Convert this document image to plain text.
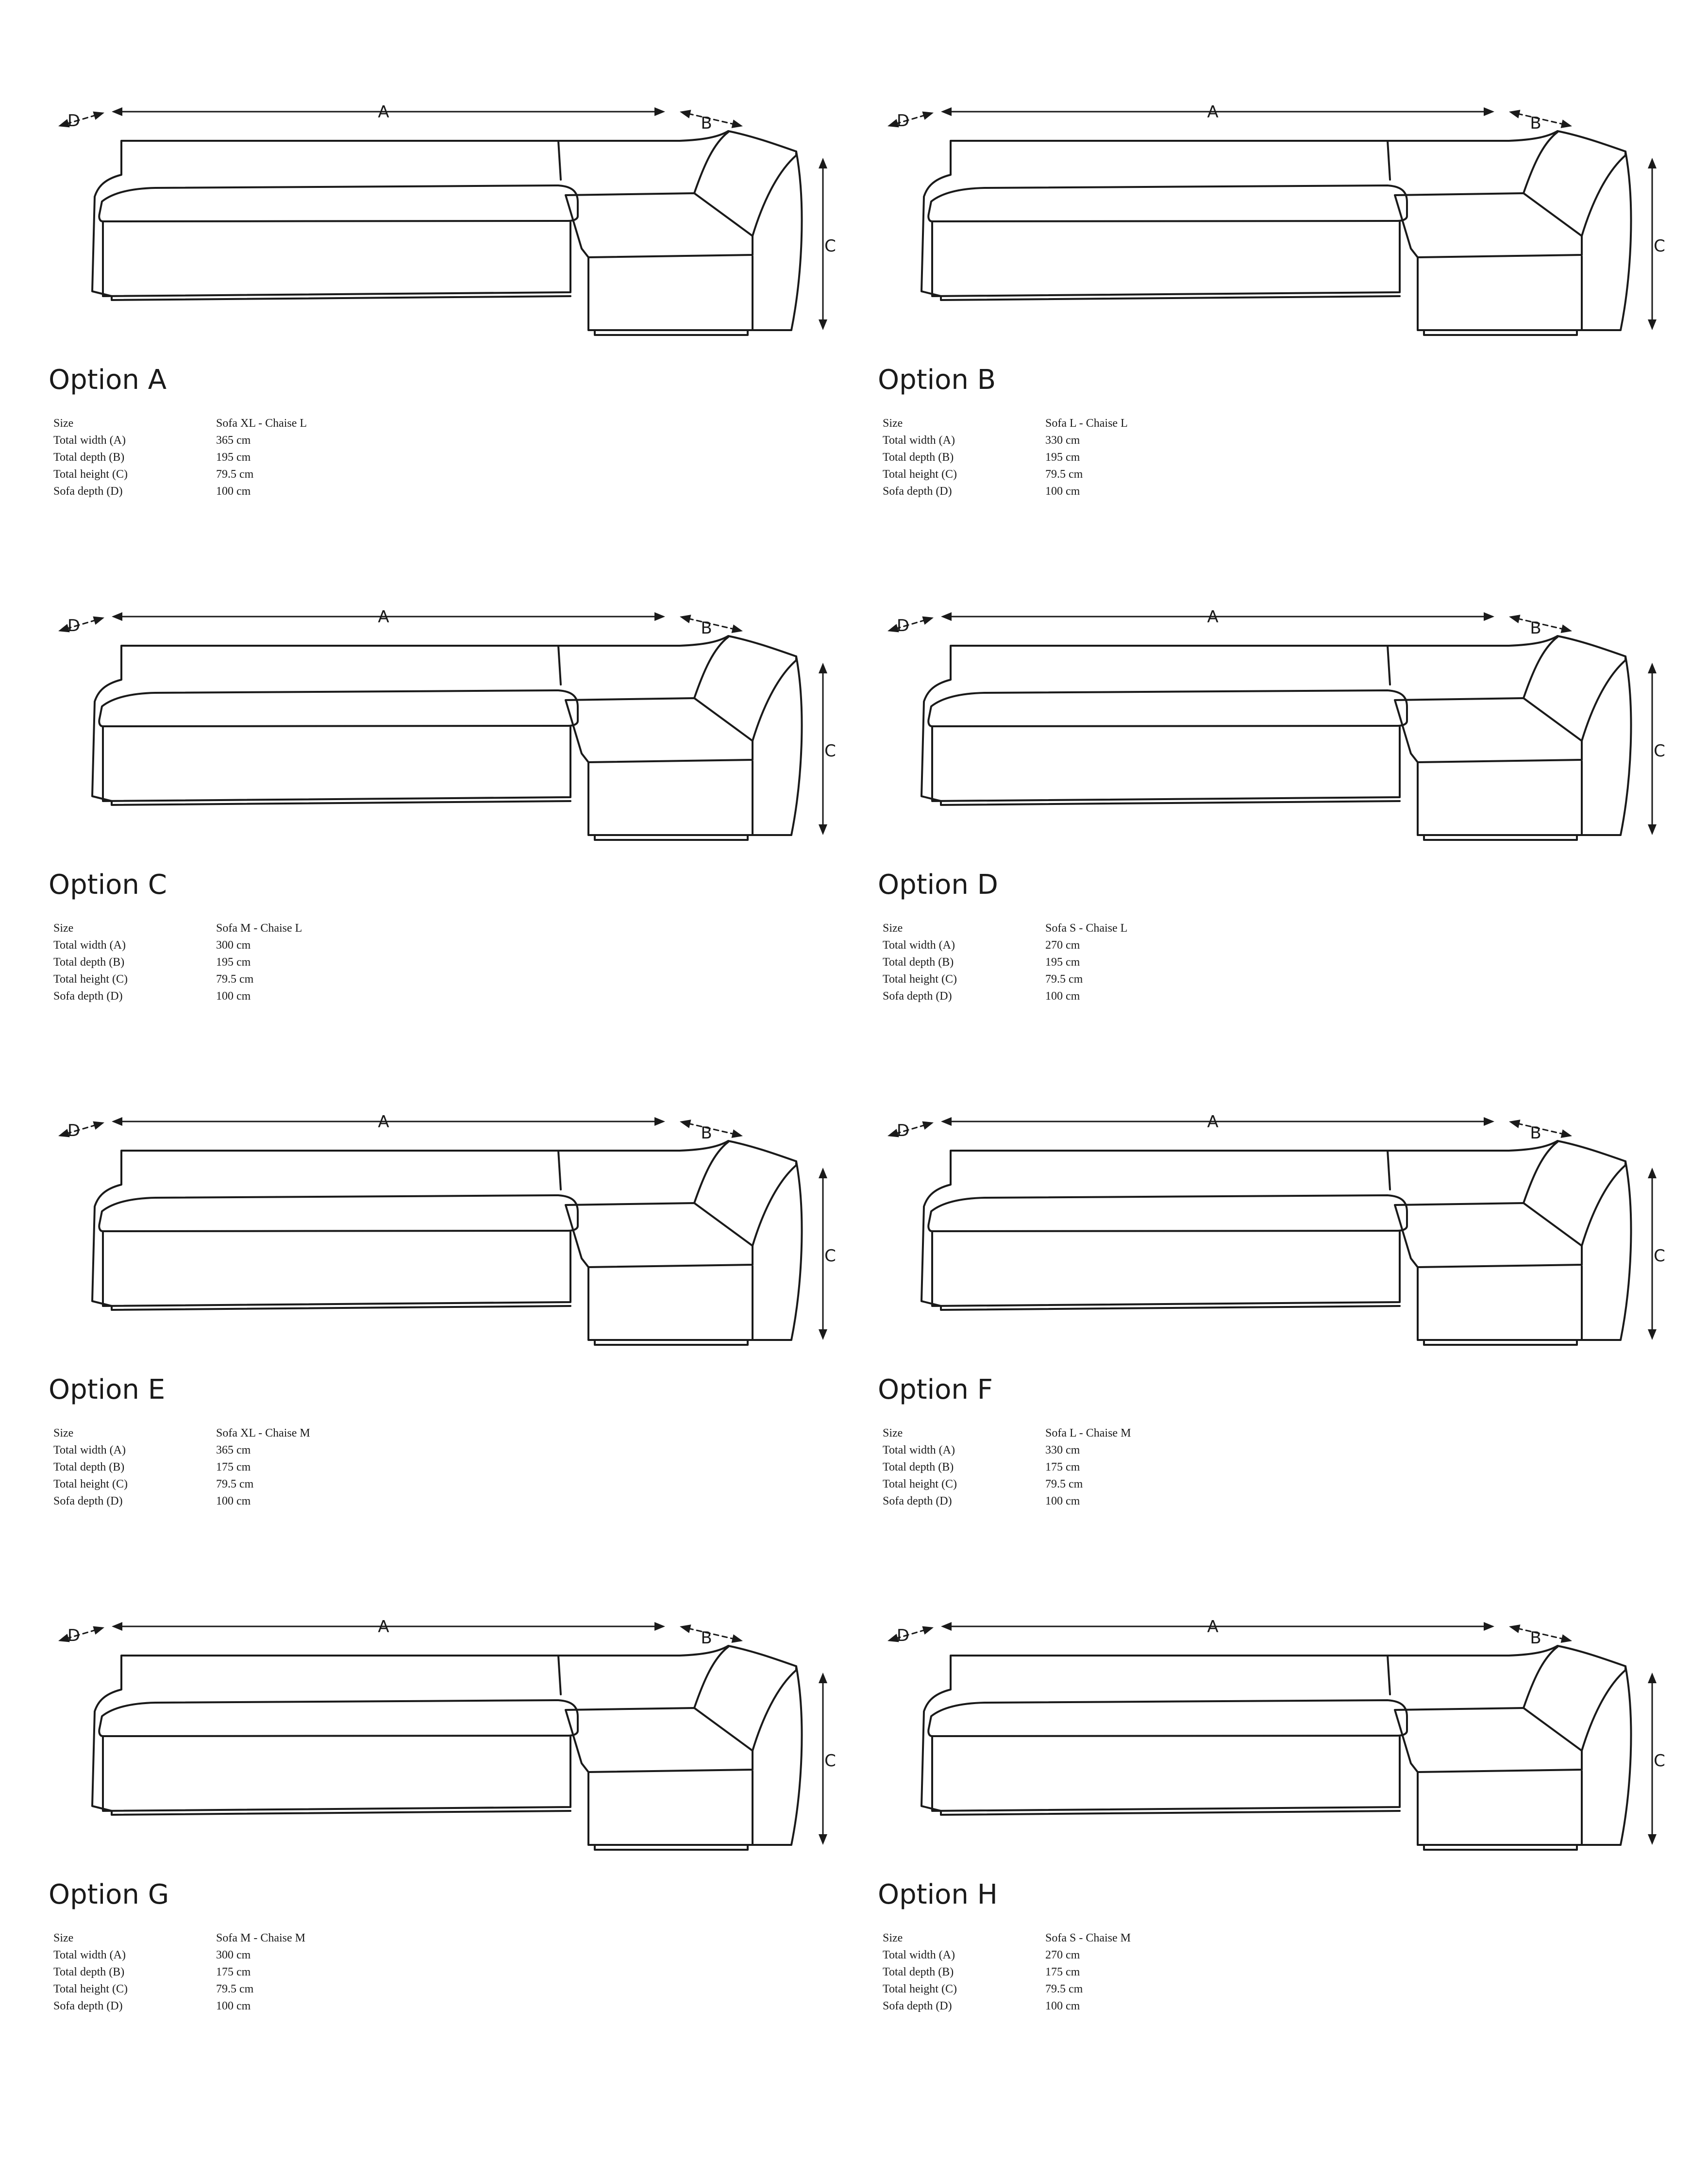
A
B
C
D
Option A
Size	Sofa XL - Chaise L
Total width (A)	365 cm
Total depth (B)	195 cm
Total height (C)	79.5 cm
Sofa depth (D)	100 cm
A
B
C
D
Option B
Size	Sofa L - Chaise L
Total width (A)	330 cm
Total depth (B)	195 cm
Total height (C)	79.5 cm
Sofa depth (D)	100 cm
A
B
C
D
Option C
Size	Sofa M - Chaise L
Total width (A)	300 cm
Total depth (B)	195 cm
Total height (C)	79.5 cm
Sofa depth (D)	100 cm
A
B
C
D
Option D
Size	Sofa S - Chaise L
Total width (A)	270 cm
Total depth (B)	195 cm
Total height (C)	79.5 cm
Sofa depth (D)	100 cm
A
B
C
D
Option E
Size	Sofa XL - Chaise M
Total width (A)	365 cm
Total depth (B)	175 cm
Total height (C)	79.5 cm
Sofa depth (D)	100 cm
A
B
C
D
Option F
Size	Sofa L - Chaise M
Total width (A)	330 cm
Total depth (B)	175 cm
Total height (C)	79.5 cm
Sofa depth (D)	100 cm
A
B
C
D
Option G
Size	Sofa M - Chaise M
Total width (A)	300 cm
Total depth (B)	175 cm
Total height (C)	79.5 cm
Sofa depth (D)	100 cm
A
B
C
D
Option H
Size	Sofa S - Chaise M
Total width (A)	270 cm
Total depth (B)	175 cm
Total height (C)	79.5 cm
Sofa depth (D)	100 cm
